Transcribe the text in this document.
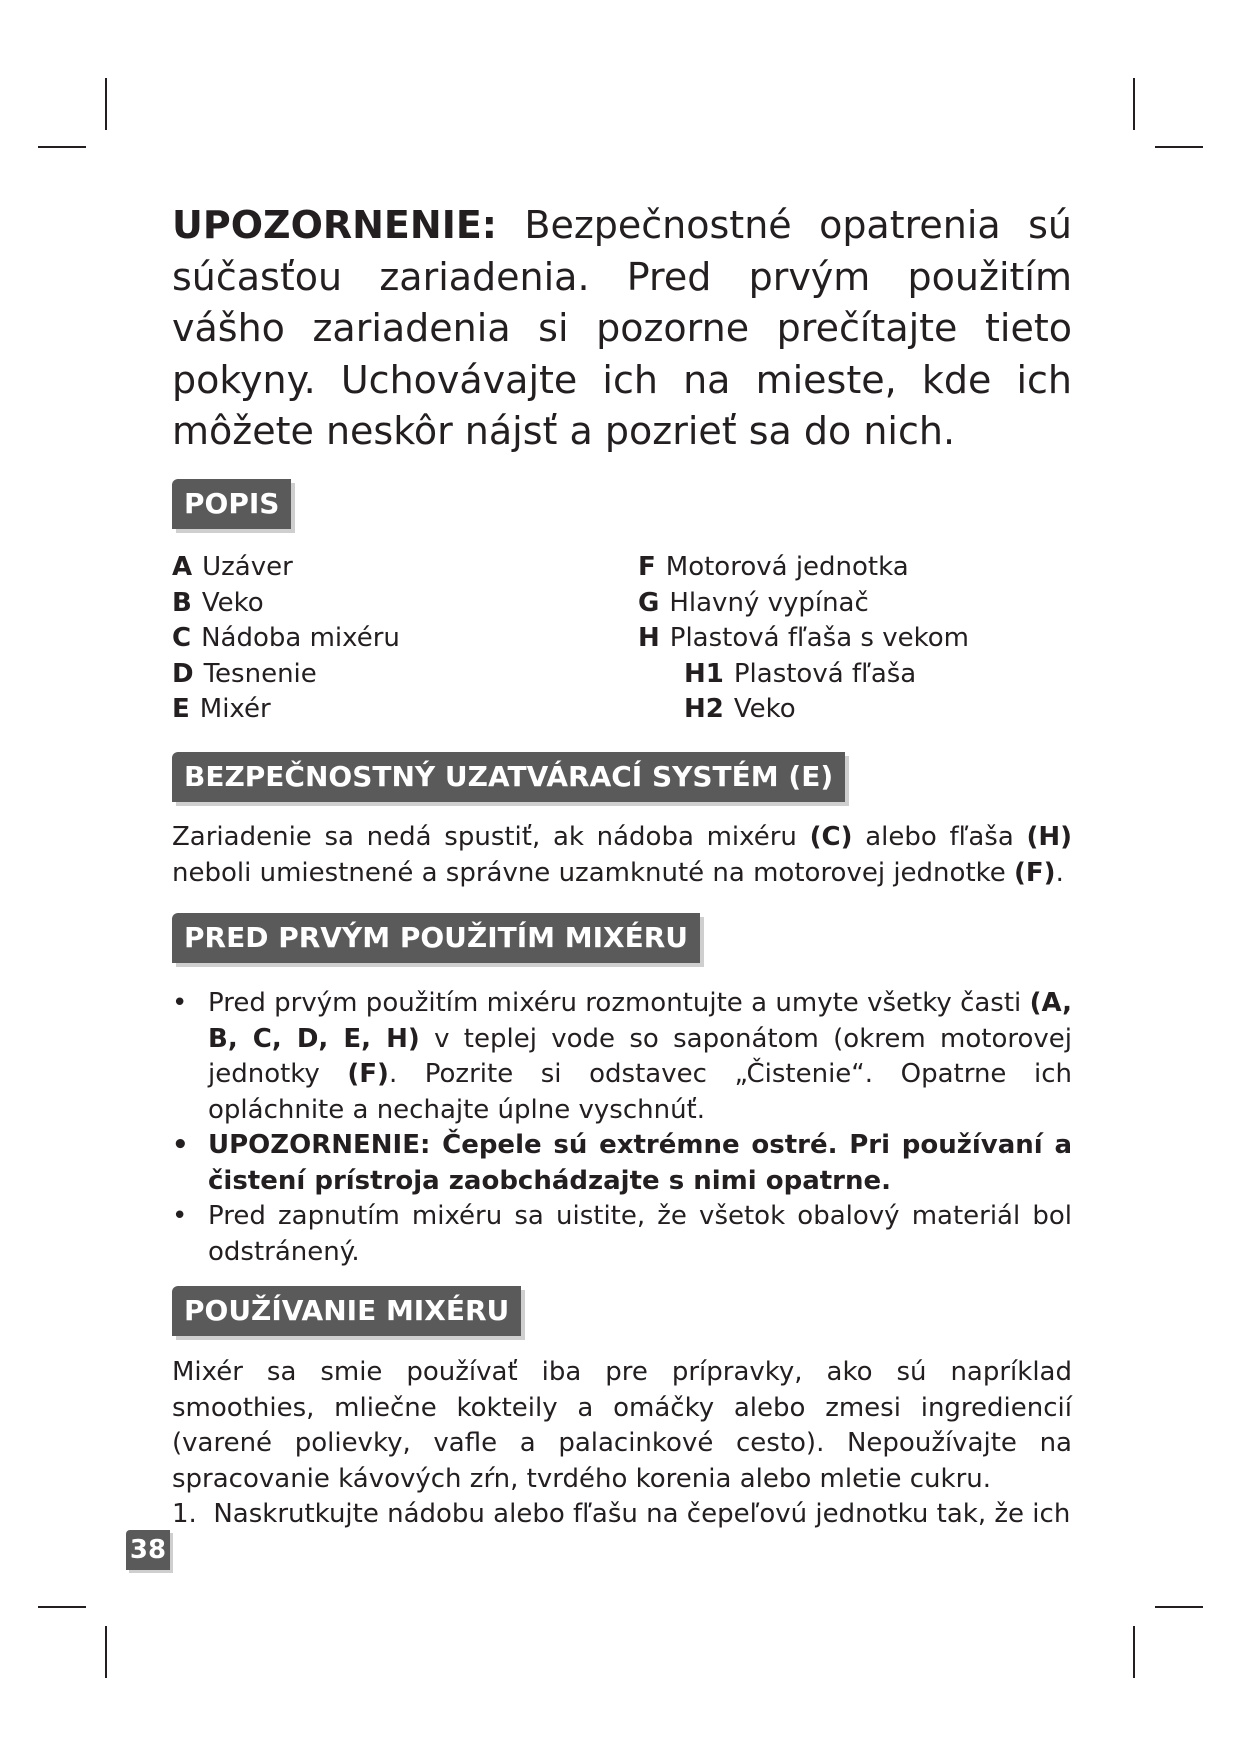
UPOZORNENIE: Bezpečnostné opatrenia sú súčasťou zariadenia. Pred prvým použitím vášho zariadenia si pozorne prečítajte tieto pokyny. Uchovávajte ich na mieste, kde ich môžete neskôr nájsť a pozrieť sa do nich.
POPIS
A Uzáver
B Veko
C Nádoba mixéru
D Tesnenie
E Mixér
F Motorová jednotka
G Hlavný vypínač
H Plastová fľaša s vekom
H1 Plastová fľaša
H2 Veko
BEZPEČNOSTNÝ UZATVÁRACÍ SYSTÉM (E)
Zariadenie sa nedá spustiť, ak nádoba mixéru (C) alebo fľaša (H) neboli umiestnené a správne uzamknuté na motorovej jednotke (F).
PRED PRVÝM POUŽITÍM MIXÉRU
• Pred prvým použitím mixéru rozmontujte a umyte všetky časti (A, B, C, D, E, H) v teplej vode so saponátom (okrem motorovej jednotky (F). Pozrite si odstavec „Čistenie“. Opatrne ich opláchnite a nechajte úplne vyschnúť.
• UPOZORNENIE: Čepele sú extrémne ostré. Pri používaní a čistení prístroja zaobchádzajte s nimi opatrne.
• Pred zapnutím mixéru sa uistite, že všetok obalový materiál bol odstránený.
POUŽÍVANIE MIXÉRU
Mixér sa smie používať iba pre prípravky, ako sú napríklad smoothies, mliečne kokteily a omáčky alebo zmesi ingrediencií (varené polievky, vafle a palacinkové cesto). Nepoužívajte na spracovanie kávových zŕn, tvrdého korenia alebo mletie cukru.
1.  Naskrutkujte nádobu alebo fľašu na čepeľovú jednotku tak, že ich
38
